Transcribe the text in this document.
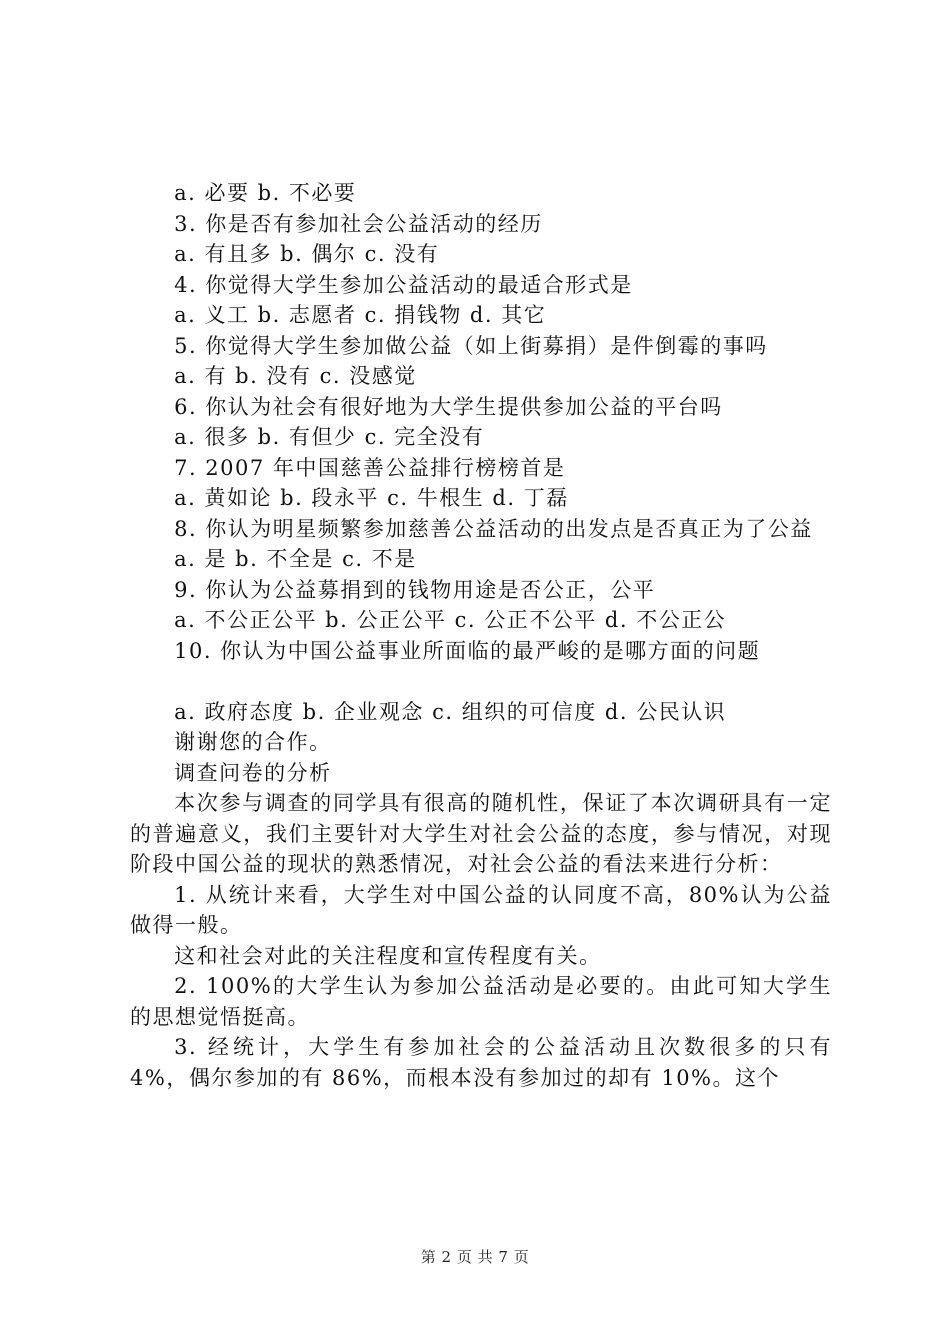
a. 必要 b. 不必要

3. 你是否有参加社会公益活动的经历

a. 有且多 b. 偶尔 c. 没有

4. 你觉得大学生参加公益活动的最适合形式是

a. 义工 b. 志愿者 c. 捐钱物 d. 其它

5. 你觉得大学生参加做公益（如上街募捐）是件倒霉的事吗

a. 有 b. 没有 c. 没感觉

6. 你认为社会有很好地为大学生提供参加公益的平台吗

a. 很多 b. 有但少 c. 完全没有

7. 2007 年中国慈善公益排行榜榜首是

a. 黄如论 b. 段永平 c. 牛根生 d. 丁磊

8. 你认为明星频繁参加慈善公益活动的出发点是否真正为了公益

a. 是 b. 不全是 c. 不是

9. 你认为公益募捐到的钱物用途是否公正，公平

a. 不公正公平 b. 公正公平 c. 公正不公平 d. 不公正公

10. 你认为中国公益事业所面临的最严峻的是哪方面的问题

a. 政府态度 b. 企业观念 c. 组织的可信度 d. 公民认识

谢谢您的合作。

调查问卷的分析

本次参与调查的同学具有很高的随机性，保证了本次调研具有一定的普遍意义，我们主要针对大学生对社会公益的态度，参与情况，对现阶段中国公益的现状的熟悉情况，对社会公益的看法来进行分析：

1. 从统计来看，大学生对中国公益的认同度不高，80%认为公益做得一般。

这和社会对此的关注程度和宣传程度有关。

2. 100%的大学生认为参加公益活动是必要的。由此可知大学生的思想觉悟挺高。

3. 经统计，大学生有参加社会的公益活动且次数很多的只有 4%，偶尔参加的有 86%，而根本没有参加过的却有 10%。这个

第 2 页 共 7 页
